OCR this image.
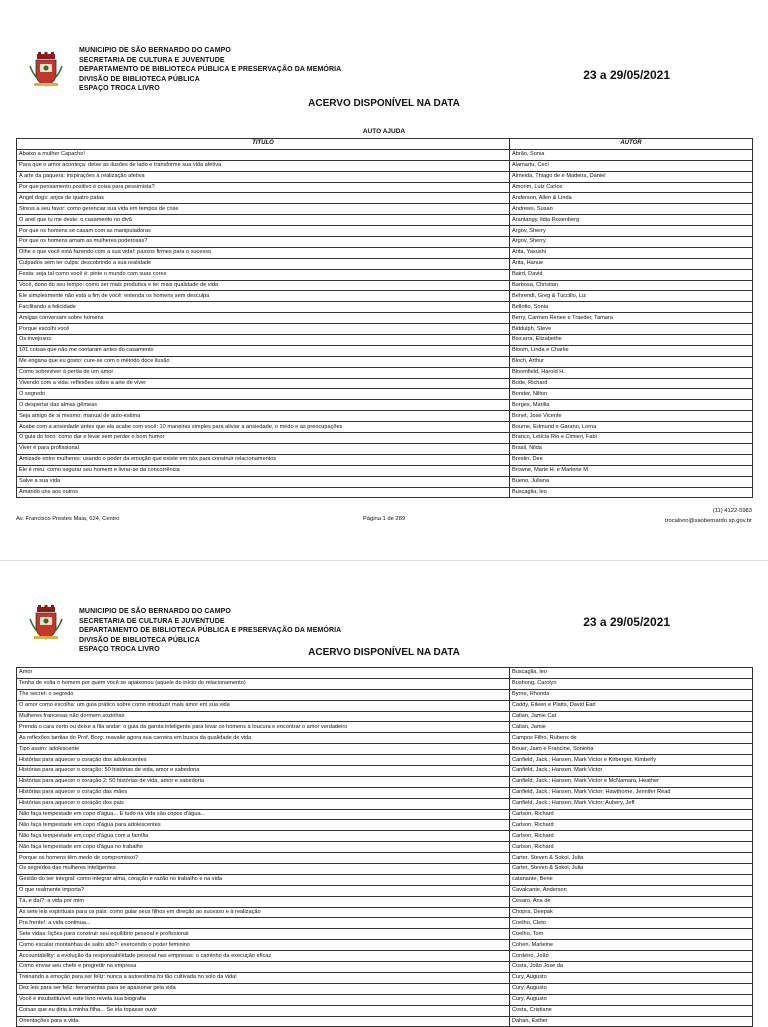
MUNICIPIO DE SÃO BERNARDO DO CAMPO
SECRETARIA DE CULTURA E JUVENTUDE
DEPARTAMENTO DE BIBLIOTECA PÚBLICA E PRESERVAÇÃO DA MEMÓRIA
DIVISÃO DE BIBLIOTECA PÚBLICA
ESPAÇO TROCA LIVRO
23 a 29/05/2021
ACERVO DISPONÍVEL NA DATA
AUTO AJUDA
TÍTULO	AUTOR
Abaixo a mulher Capacho!	Abrão, Sonia
Para que o amor aconteça: deixe as ilusões de lado e transforme sua vida afetiva	Alamartu, Ceci
A arte da paquera: inspirações à realização afetiva	Almeida, Thiago de e Madeira, Daniel
Por que pensamento positivo é coisa para pessimista?	Amorim, Luiz Carlos
Angel dogs: anjos de quatro patas	Anderson, Allen & Linda
Stress a seu favor: como gerenciar sua vida em tempos de crise	Andrews, Susan
O anel que tu me deste: o casamento no divã	Arantangy, lidia Rosenberg
Por que os homens se casam com as manipuladoras	Argov, Sherry
Por que os homens amam as mulheres poderosas?	Argov, Sherry
Olhe o que você está fazendo com a sua vida!: passos firmes para o sucesso	Arita, Yasushi
Culpados sem ter culpa: descobrindo a sua realidade	Arita, Hanue
Festa: seja tal como você é: pinte o mundo com suas cores	Baird, David
Você, dono do seu tempo: como ser mais produtiva e ter mais qualidade de vida	Barbosa, Christian
Ele simplesmente não está a fim de você: entenda os homens sem desculpa	Behrendt, Greg & Tuccillo, Liz
Facilitando a felicidade	Bellotto, Sonia
Amigas conversam sobre homens	Berry, Carmen Renee e Traeder, Tamara
Porque escolhi você	Biddulph, Steve
Os invejosos	Biscarra, Elizabethe
101 coisas que não me contaram antes do casamento	Bloom, Linda e Charlie
Me engana que eu gosto: cure-se com o método doce ilusão	Bloch, Arthur
Como sobreviver à perda de um amor	Bloomfield, Harold H.
Vivendo com a vida: reflexões sobre a arte de viver	Bode, Richard
O segredo	Bonder, Nilton
O despertar das almas gêmeas	Borges, Marilia
Seja amigo de si mesmo: manual de auto-estima	Bonet, Jose Vicente
Acabe com a ansiedade antes que ela acabe com você: 10 maneiras simples para aliviar a ansiedade, o medo e as preocupações	Bourne, Edmund e Garano, Lorna
O guia do toco: como dar e levar sem perder o bom humor	Branco, Letícia Rio e Cimieri, Fabi
Viver é para profissional	Brasil, Nilda
Amizade entre mulheres: usando o poder da emoção que existe em nós para construir relacionamentos	Brestin, Dee
Ele é meu: como segurar seu homem e livrar-se da concorrência	Browne, Marie H. e Marlene M.
Salve a sua vida	Bueno, Juliana
Amando uns aos outros	Buscaglia, leo
Av. Francisco Prestes Maia, 624, Centro	Página 1 de 289
(11) 4122-5983
trocalivro@saobernardo.sp.gov.br
MUNICIPIO DE SÃO BERNARDO DO CAMPO
SECRETARIA DE CULTURA E JUVENTUDE
DEPARTAMENTO DE BIBLIOTECA PÚBLICA E PRESERVAÇÃO DA MEMÓRIA
DIVISÃO DE BIBLIOTECA PÚBLICA
ESPAÇO TROCA LIVRO
23 a 29/05/2021
ACERVO DISPONÍVEL NA DATA
Amor	Buscaglia, leo
Tenha de volta o homem por quem você se apaixonou (aquele do início do relacionamento)	Bushong, Carolyn
The secret: o segredo	Byrne, Rhonda
O amor como escolha: um guia prático sobre como introduzir mais amor em sua vida	Caddy, Eileen e Platts, David Earl
Mulheres francesas não dormem sozinhas	Callan, Jamie Cat
Prenda o cara certo ou deixe a fila andar: o guia da garota inteligente para levar os homens à loucura e encontrar o amor verdadeiro	Callan, Jamie
As reflexões tardias do Prof. Borg: reavalie agora sua carreira em busca da qualidade de vida	Campos Filho, Rubens de
Tipo assim: adolescente	Bouer, Jairo e Francine, Soninha
Histórias para aquecer o coração dos adolescentes	Canfield, Jack.; Hansen, Mark Victor e Kirberger, Kimberly
Histórias para aquecer o coração: 50 histórias de vida, amor e sabedoria	Canfield, Jack.; Hansen, Mark Victor
Histórias para aquecer o coração 2: 50 histórias de vida, amor e sabedoria	Canfield, Jack.; Hansen, Mark Victor e McNamara, Heather
Histórias para aquecer o coração das mães	Canfield, Jack.; Hansen, Mark Victor; Hawthorne, Jennifer Read
Histórias para aquecer o coração dos pais	Canfield, Jack.; Hansen, Mark Victor; Aubery, Jeff
Não faça tempestade em copo d'água... E tudo na vida são copos d'água...	Carlson, Richard
Não faça tempestade em copo d'água para adolescentes	Carlson, Richard
Não faça tempestade em copo d'água com a família	Carlson, Richard
Não faça tempestade em copo d'água no trabalho	Carlson, Richard
Porque os homens têm medo de compromisso?	Carter, Steven & Sokol, Julia
Os segredos das mulheres inteligentes	Carter, Steven & Sokol, Julia
Gestão do ser integral: como integrar alma, coração e razão no trabalho e na vida	catanante, Bene
O que realmente importa?	Cavalcante, Anderson
Tá, e daí?: a vida por mim	Cesaro, Ana de
As sete leis espirituais para os pais: como guiar seus filhos em direção ao sucesso e à realização	Chopra, Deepak
Pra frente!: a vida continua...	Coelho, Cleto
Sete vidas: lições para construir seu equilíbrio pessoal e profissional	Coelho, Tom
Como escalar montanhas de salto alto?: exercendo o poder feminino	Cohen, Marleine
Accountability: a evolução da responsabilidade pessoal nas empresas: o caminho da execução eficaz	Cordeiro, João
Como enviar seu chefe e progredir na empresa	Costa, João Jose da
Treinando a emoção para ser feliz: nunca a autoestima foi tão cultivada no solo da vida!	Cury, Augusto
Dez leis para ser feliz: ferramentas para se apaixonar pela vida	Cury, Augusto
Você é insubstituível: este livro revela sua biografia	Cury, Augusto
Coisas que eu diria à minha filha... Se ela topasse ouvir	Costa, Cristiane
Orientações para a vida	Dahan, Esther
